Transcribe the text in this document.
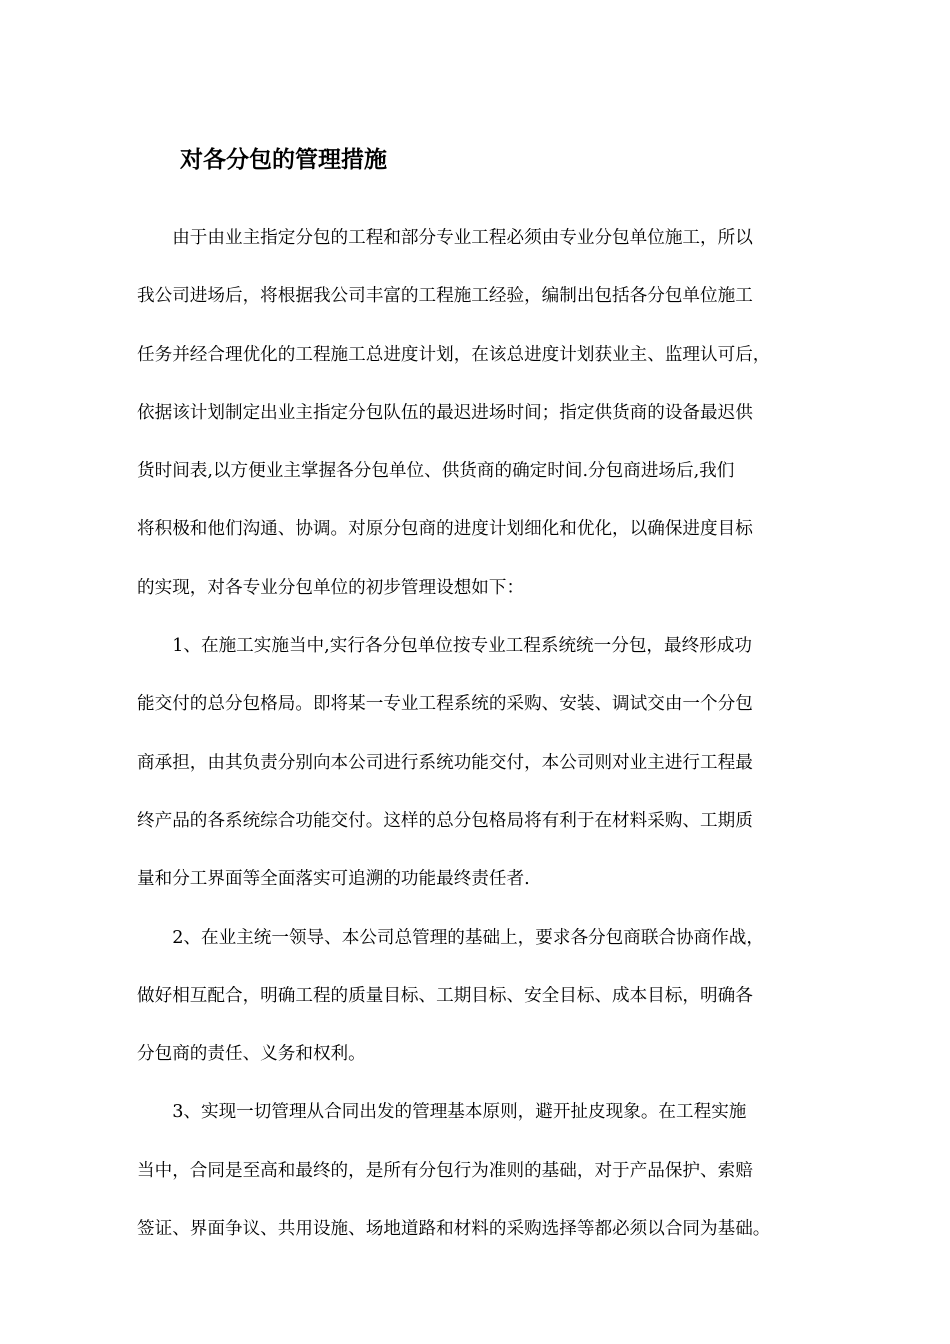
对各分包的管理措施

由于由业主指定分包的工程和部分专业工程必须由专业分包单位施工，所以
我公司进场后，将根据我公司丰富的工程施工经验，编制出包括各分包单位施工
任务并经合理优化的工程施工总进度计划，在该总进度计划获业主、监理认可后，
依据该计划制定出业主指定分包队伍的最迟进场时间；指定供货商的设备最迟供
货时间表,以方便业主掌握各分包单位、供货商的确定时间.分包商进场后,我们
将积极和他们沟通、协调。对原分包商的进度计划细化和优化，以确保进度目标
的实现，对各专业分包单位的初步管理设想如下：

1、在施工实施当中,实行各分包单位按专业工程系统统一分包，最终形成功
能交付的总分包格局。即将某一专业工程系统的采购、安装、调试交由一个分包
商承担，由其负责分别向本公司进行系统功能交付，本公司则对业主进行工程最
终产品的各系统综合功能交付。这样的总分包格局将有利于在材料采购、工期质
量和分工界面等全面落实可追溯的功能最终责任者.

2、在业主统一领导、本公司总管理的基础上，要求各分包商联合协商作战，
做好相互配合，明确工程的质量目标、工期目标、安全目标、成本目标，明确各
分包商的责任、义务和权利。

3、实现一切管理从合同出发的管理基本原则，避开扯皮现象。在工程实施
当中，合同是至高和最终的，是所有分包行为准则的基础，对于产品保护、索赔
签证、界面争议、共用设施、场地道路和材料的采购选择等都必须以合同为基础。
